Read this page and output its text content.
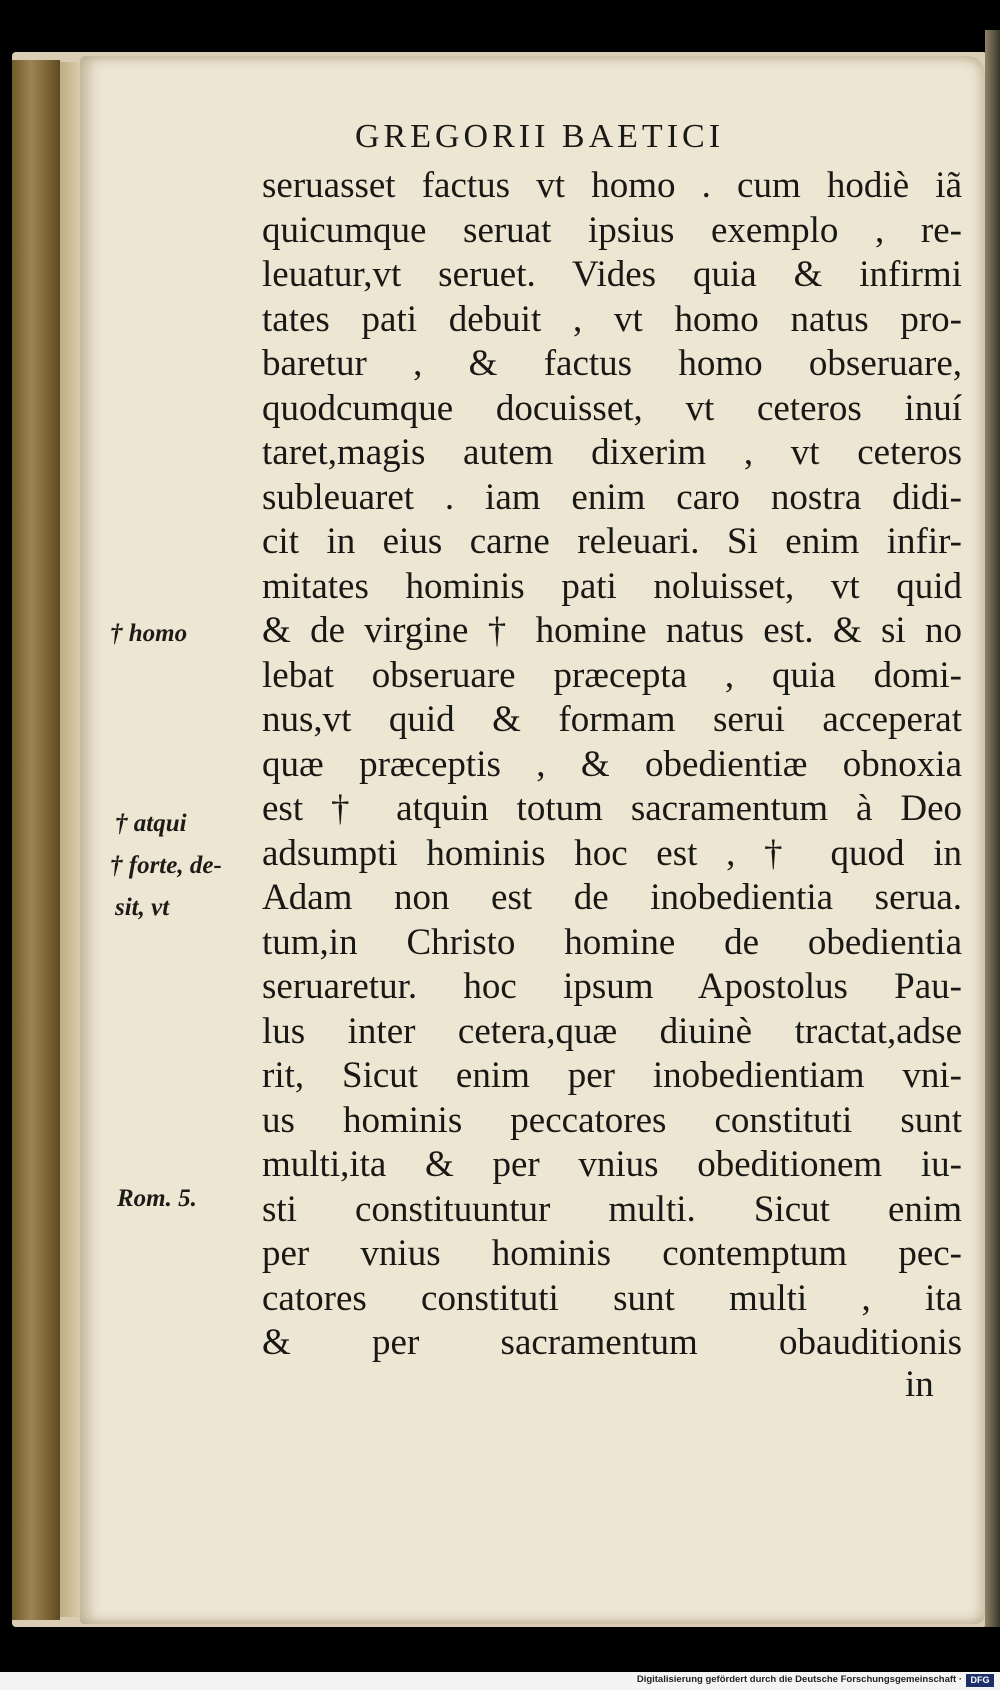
GREGORII BAETICI
seruasset factus vt homo . cum hodiè iã
quicumque seruat ipsius exemplo , re-
leuatur,vt seruet. Vides quia & infirmi
tates pati debuit , vt homo natus pro-
baretur , & factus homo obseruare,
quodcumque docuisset, vt ceteros inuí
taret,magis autem dixerim , vt ceteros
subleuaret . iam enim caro nostra didi-
cit in eius carne releuari. Si enim infir-
mitates hominis pati noluisset, vt quid
& de virgine † homine natus est. & si no
lebat obseruare præcepta , quia domi-
nus,vt quid & formam serui acceperat
quæ præceptis , & obedientiæ obnoxia
est † atquin totum sacramentum à Deo
adsumpti hominis hoc est , † quod in
Adam non est de inobedientia serua.
tum,in Christo homine de obedientia
seruaretur. hoc ipsum Apostolus Pau-
lus inter cetera,quæ diuinè tractat,adse
rit, Sicut enim per inobedientiam vni-
us hominis peccatores constituti sunt
multi,ita & per vnius obeditionem iu-
sti constituuntur multi. Sicut enim
per vnius hominis contemptum pec-
catores constituti sunt multi , ita
& per sacramentum obauditionis
in
† homo
† atqui
† forte, de-
sit, vt
Rom. 5.
Digitalisierung gefördert durch die Deutsche Forschungsgemeinschaft · DFG
